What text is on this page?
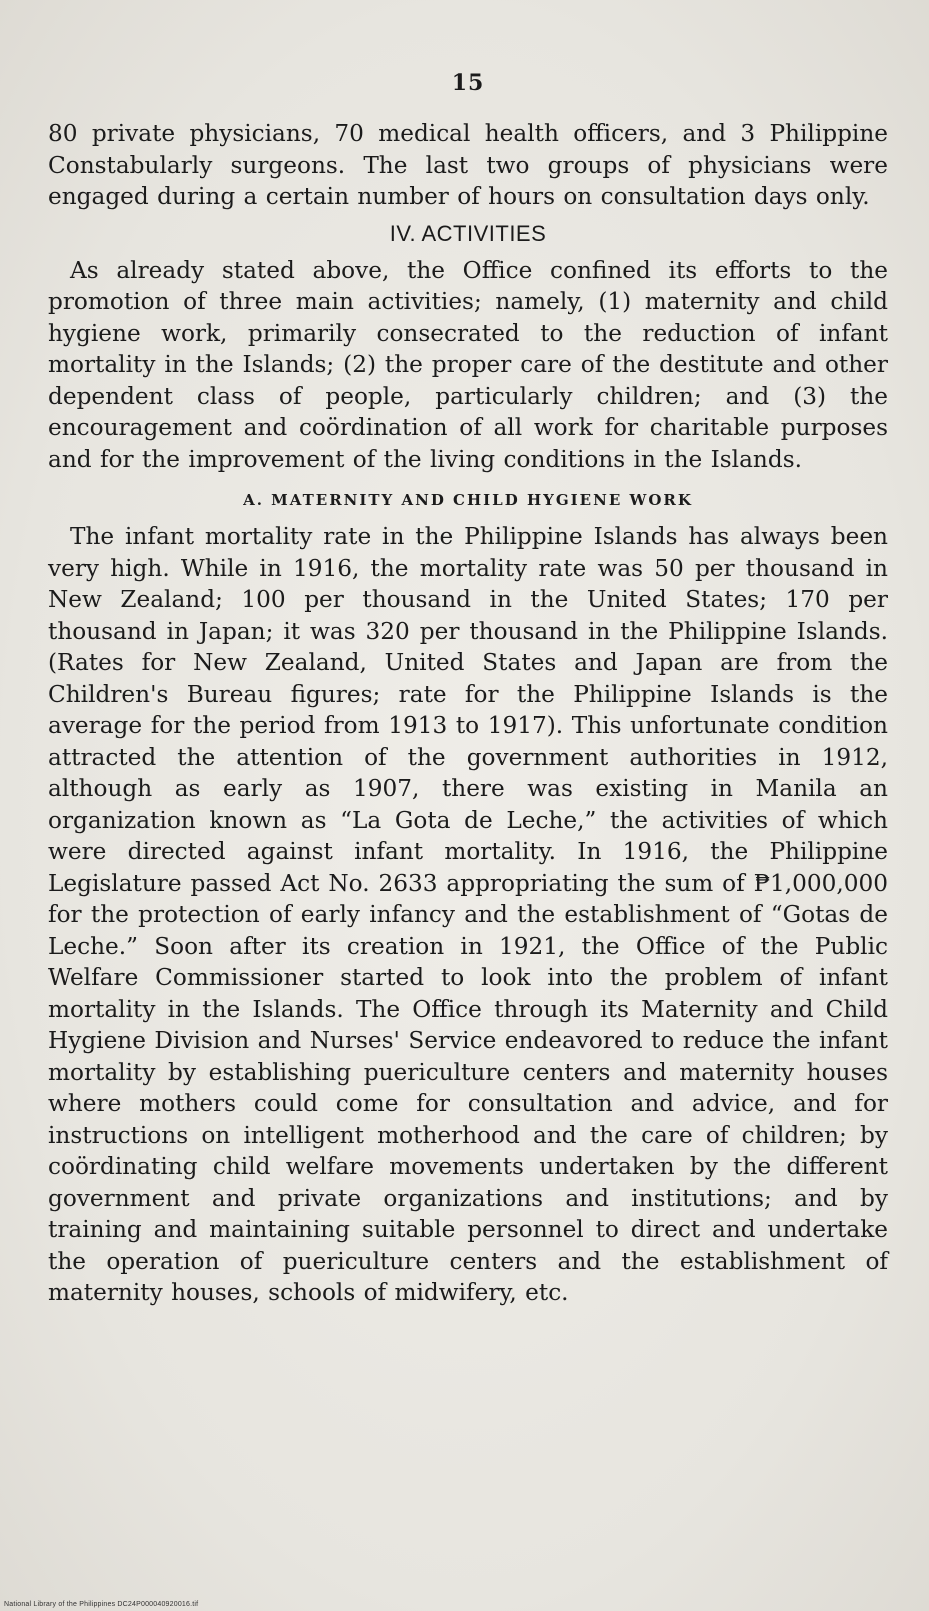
15

80 private physicians, 70 medical health officers, and 3 Philippine Constabularly surgeons. The last two groups of physicians were engaged during a certain number of hours on consultation days only.

IV. ACTIVITIES

As already stated above, the Office confined its efforts to the promotion of three main activities; namely, (1) maternity and child hygiene work, primarily consecrated to the reduction of infant mortality in the Islands; (2) the proper care of the destitute and other dependent class of people, particularly children; and (3) the encouragement and coördination of all work for charitable purposes and for the improvement of the living conditions in the Islands.

A. MATERNITY AND CHILD HYGIENE WORK

The infant mortality rate in the Philippine Islands has always been very high. While in 1916, the mortality rate was 50 per thousand in New Zealand; 100 per thousand in the United States; 170 per thousand in Japan; it was 320 per thousand in the Philippine Islands. (Rates for New Zealand, United States and Japan are from the Children's Bureau figures; rate for the Philippine Islands is the average for the period from 1913 to 1917). This unfortunate condition attracted the attention of the government authorities in 1912, although as early as 1907, there was existing in Manila an organization known as “La Gota de Leche,” the activities of which were directed against infant mortality. In 1916, the Philippine Legislature passed Act No. 2633 appropriating the sum of ₱1,000,000 for the protection of early infancy and the establishment of “Gotas de Leche.” Soon after its creation in 1921, the Office of the Public Welfare Commissioner started to look into the problem of infant mortality in the Islands. The Office through its Maternity and Child Hygiene Division and Nurses' Service endeavored to reduce the infant mortality by establishing puericulture centers and maternity houses where mothers could come for consultation and advice, and for instructions on intelligent motherhood and the care of children; by coördinating child welfare movements undertaken by the different government and private organizations and institutions; and by training and maintaining suitable personnel to direct and undertake the operation of puericulture centers and the establishment of maternity houses, schools of midwifery, etc.

National Library of the Philippines DC24P000040920016.tif
